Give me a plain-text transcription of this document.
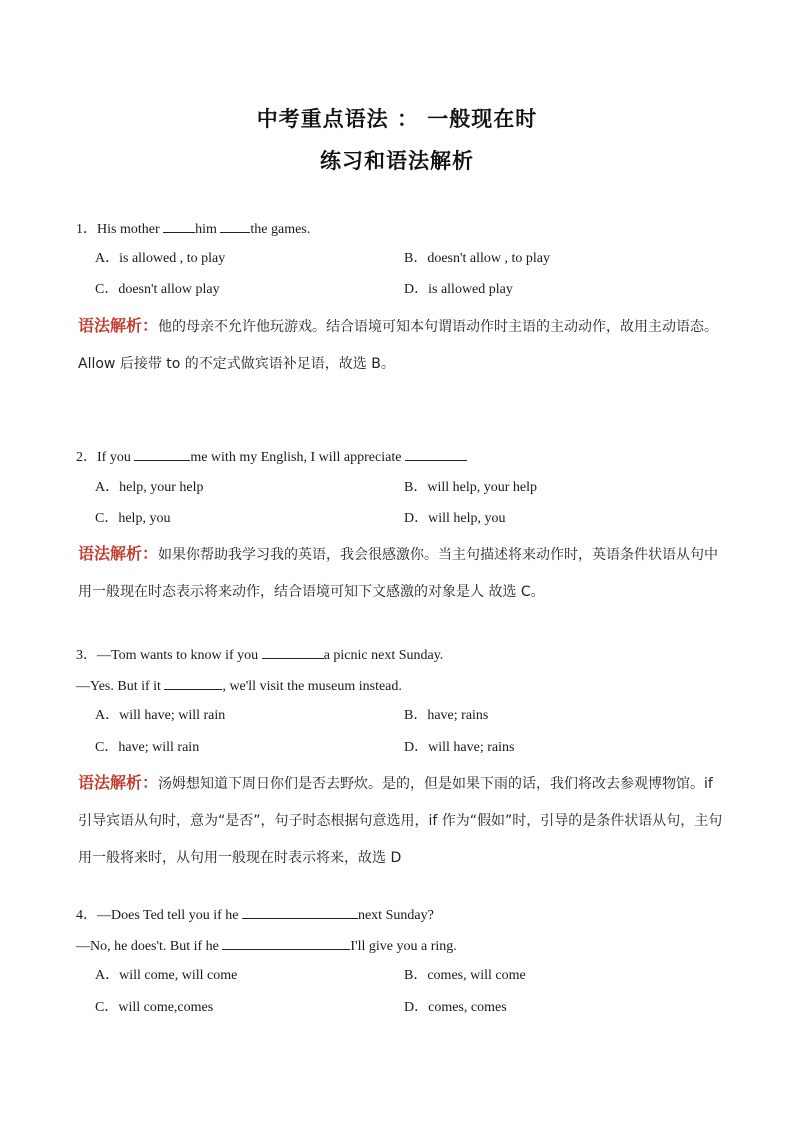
中考重点语法 ： 一般现在时
练习和语法解析
1．His mother him the games.
A．is allowed , to play	B．doesn't allow , to play
C．doesn't allow play	D．is allowed play
语法解析：他的母亲不允许他玩游戏。结合语境可知本句谓语动作时主语的主动动作，故用主动语态。Allow 后接带 to 的不定式做宾语补足语，故选 B。
2．If you	me with my English, I will appreciate
A．help, your help	B．will help, your help
C．help, you	D．will help, you
语法解析：如果你帮助我学习我的英语，我会很感激你。当主句描述将来动作时，英语条件状语从句中用一般现在时态表示将来动作，结合语境可知下文感激的对象是人 故选 C。
3．—Tom wants to know if you	a picnic next Sunday.
—Yes. But if it	, we'll visit the museum instead.
A．will have; will rain	B．have; rains
C．have; will rain	D．will have; rains
语法解析：汤姆想知道下周日你们是否去野炊。是的，但是如果下雨的话，我们将改去参观博物馆。if 引导宾语从句时，意为“是否”，句子时态根据句意选用，if 作为“假如”时，引导的是条件状语从句，主句用一般将来时，从句用一般现在时表示将来，故选 D
4．—Does Ted tell you if he	next Sunday?
—No, he does't. But if he	I'll give you a ring.
A．will come, will come	B．comes, will come
C．will come,comes	D．comes, comes
